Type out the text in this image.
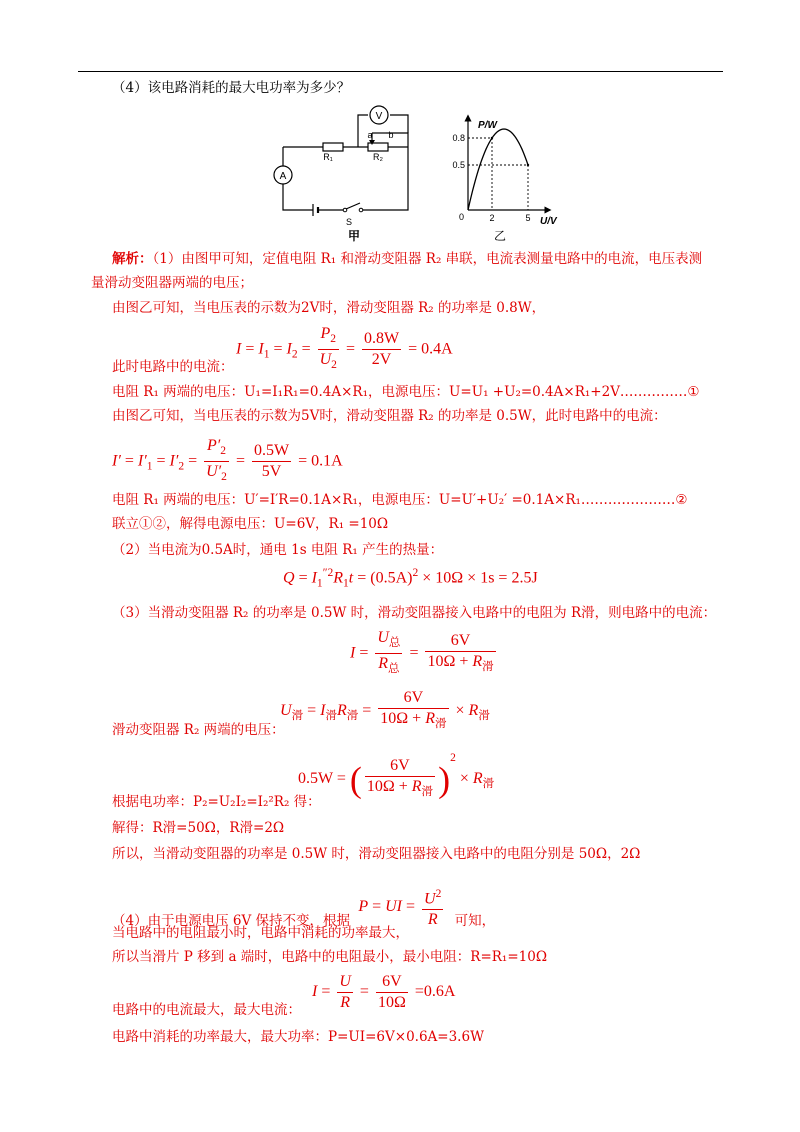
（4）该电路消耗的最大电功率为多少？
A
V
R₁	R₂
a b
S
甲
P/W
U/V
0	2	5
0.8
0.5
乙
解析：（1）由图甲可知，定值电阻 R₁ 和滑动变阻器 R₂ 串联，电流表测量电路中的电流，电压表测
量滑动变阻器两端的电压；
由图乙可知，当电压表的示数为2V时，滑动变阻器 R₂ 的功率是 0.8W，
$I = I_1 = I_2 = \frac{P_2}{U_2} = \frac{0.8W}{2V} = 0.4A$
此时电路中的电流：
电阻 R₁ 两端的电压：U₁=I₁R₁=0.4A×R₁，电源电压：U=U₁ +U₂=0.4A×R₁+2V……………①
由图乙可知，当电压表的示数为5V时，滑动变阻器 R₂ 的功率是 0.5W，此时电路中的电流：
$I' = I'_1 = I'_2 = \frac{P'_2}{U'_2} = \frac{0.5W}{5V} = 0.1A$
电阻 R₁ 两端的电压：U′=I′R=0.1A×R₁，电源电压：U=U′+U₂′ =0.1A×R₁…………………②
联立①②，解得电源电压：U=6V，R₁ =10Ω
（2）当电流为0.5A时，通电 1s 电阻 R₁ 产生的热量：
$Q = I_1^{''2}R_1t = (0.5A)^2 \times 10\Omega \times 1s = 2.5J$
（3）当滑动变阻器 R₂ 的功率是 0.5W 时，滑动变阻器接入电路中的电阻为 R滑，则电路中的电流：
$I = \frac{U_总}{R_总} = \frac{6V}{10\Omega + R_滑}$
$U_滑 = I_滑R_滑 = \frac{6V}{10\Omega + R_滑} \times R_滑$
滑动变阻器 R₂ 两端的电压：
0.5W = ( $\frac{6V}{10\Omega + R_滑} )^2 \times R_滑$
根据电功率：P₂=U₂I₂=I₂²R₂ 得：
解得：R滑=50Ω，R滑=2Ω
所以，当滑动变阻器的功率是 0.5W 时，滑动变阻器接入电路中的电阻分别是 50Ω，2Ω
（4）由于电源电压 6V 保持不变，根据 P = UI = $\frac{U^2}{R}$ 可知，
当电路中的电阻最小时，电路中消耗的功率最大，
所以当滑片 P 移到 a 端时，电路中的电阻最小，最小电阻：R=R₁=10Ω
$I = \frac{U}{R} = \frac{6V}{10\Omega} =0.6A$
电路中的电流最大，最大电流：
电路中消耗的功率最大，最大功率：P=UI=6V×0.6A=3.6W
